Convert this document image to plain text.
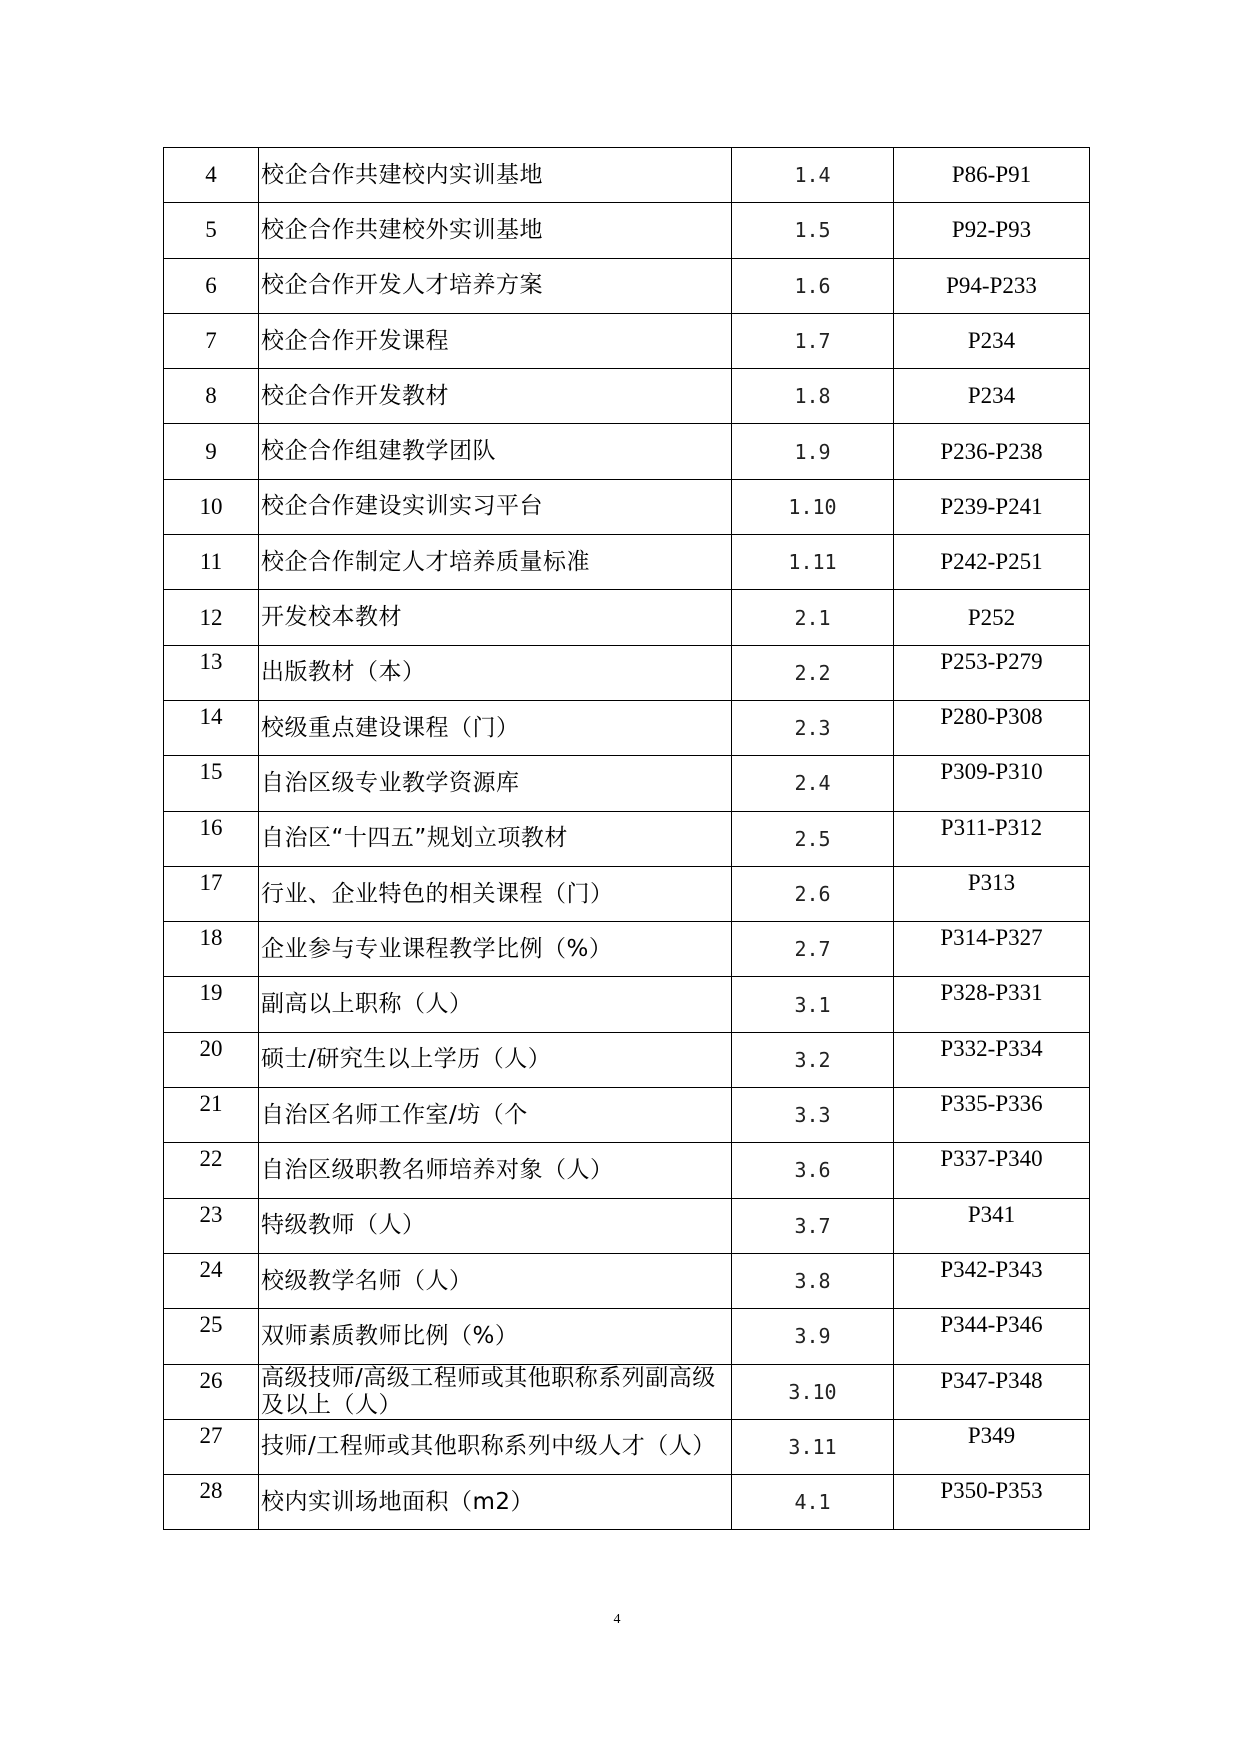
4	校企合作共建校内实训基地	1.4	P86-P91
5	校企合作共建校外实训基地	1.5	P92-P93
6	校企合作开发人才培养方案	1.6	P94-P233
7	校企合作开发课程	1.7	P234
8	校企合作开发教材	1.8	P234
9	校企合作组建教学团队	1.9	P236-P238
10	校企合作建设实训实习平台	1.10	P239-P241
11	校企合作制定人才培养质量标准	1.11	P242-P251
12	开发校本教材	2.1	P252
13	出版教材（本）	2.2	P253-P279
14	校级重点建设课程（门）	2.3	P280-P308
15	自治区级专业教学资源库	2.4	P309-P310
16	自治区“十四五”规划立项教材	2.5	P311-P312
17	行业、企业特色的相关课程（门）	2.6	P313
18	企业参与专业课程教学比例（%）	2.7	P314-P327
19	副高以上职称（人）	3.1	P328-P331
20	硕士/研究生以上学历（人）	3.2	P332-P334
21	自治区名师工作室/坊（个	3.3	P335-P336
22	自治区级职教名师培养对象（人）	3.6	P337-P340
23	特级教师（人）	3.7	P341
24	校级教学名师（人）	3.8	P342-P343
25	双师素质教师比例（%）	3.9	P344-P346
26	高级技师/高级工程师或其他职称系列副高级及以上（人）	3.10	P347-P348
27	技师/工程师或其他职称系列中级人才（人）	3.11	P349
28	校内实训场地面积（m2）	4.1	P350-P353
4
